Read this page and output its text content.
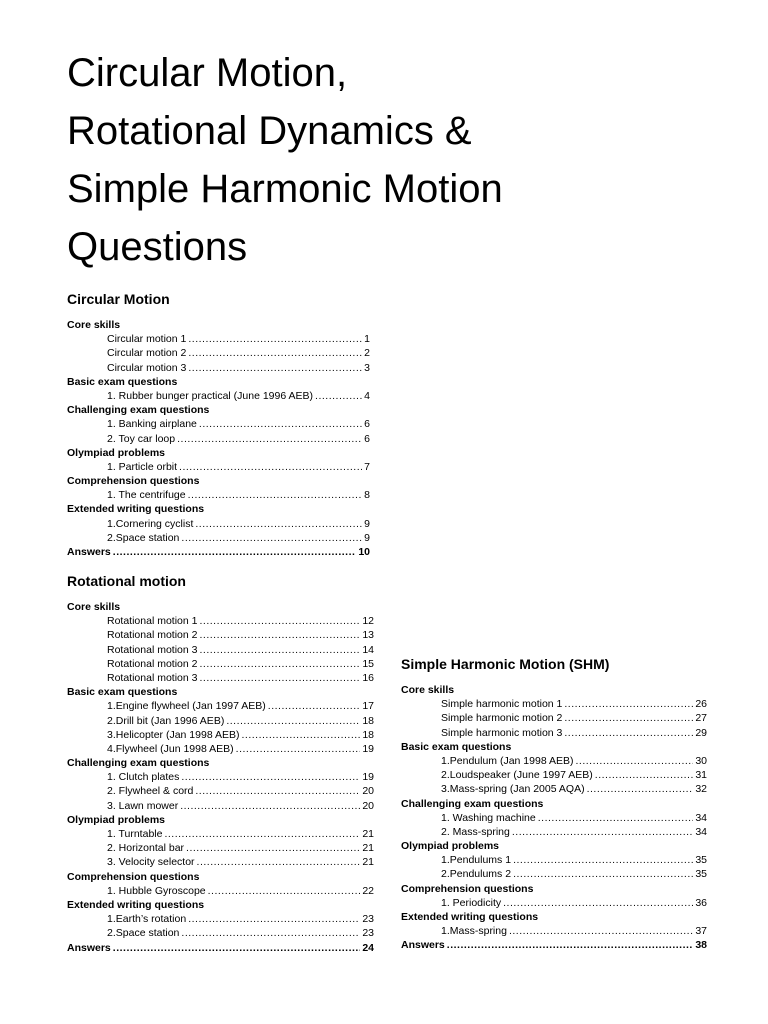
Circular Motion,
Rotational Dynamics &
Simple Harmonic Motion
Questions
Circular Motion
Core skills
Circular motion 1 .....	1
Circular motion 2 .....	2
Circular motion 3 .....	3
Basic exam questions
1. Rubber bunger practical (June 1996 AEB) .....	4
Challenging exam questions
1. Banking airplane .....	6
2. Toy car loop .....	6
Olympiad problems
1. Particle orbit .....	7
Comprehension questions
1. The centrifuge .....	8
Extended writing questions
1. Cornering cyclist .....	9
2. Space station .....	9
Answers .....	10
Rotational motion
Core skills
Rotational motion 1 .....	12
Rotational motion 2 .....	13
Rotational motion 3 .....	14
Rotational motion 2 .....	15
Rotational motion 3 .....	16
Basic exam questions
1. Engine flywheel (Jan 1997 AEB) .....	17
2. Drill bit (Jan 1996 AEB) .....	18
3. Helicopter (Jan 1998 AEB) .....	18
4. Flywheel (Jun 1998 AEB) .....	19
Challenging exam questions
1. Clutch plates .....	19
2. Flywheel & cord .....	20
3. Lawn mower .....	20
Olympiad problems
1. Turntable .....	21
2. Horizontal bar .....	21
3. Velocity selector .....	21
Comprehension questions
1. Hubble Gyroscope .....	22
Extended writing questions
1. Earth’s rotation .....	23
2. Space station .....	23
Answers .....	24
Simple Harmonic Motion (SHM)
Core skills
Simple harmonic motion 1 .....	26
Simple harmonic motion 2 .....	27
Simple harmonic motion 3 .....	29
Basic exam questions
1. Pendulum (Jan 1998 AEB) .....	30
2. Loudspeaker (June 1997 AEB) .....	31
3. Mass-spring (Jan 2005 AQA) .....	32
Challenging exam questions
1. Washing machine .....	34
2. Mass-spring .....	34
Olympiad problems
1. Pendulums 1 .....	35
2. Pendulums 2 .....	35
Comprehension questions
1. Periodicity .....	36
Extended writing questions
1. Mass-spring .....	37
Answers .....	38
